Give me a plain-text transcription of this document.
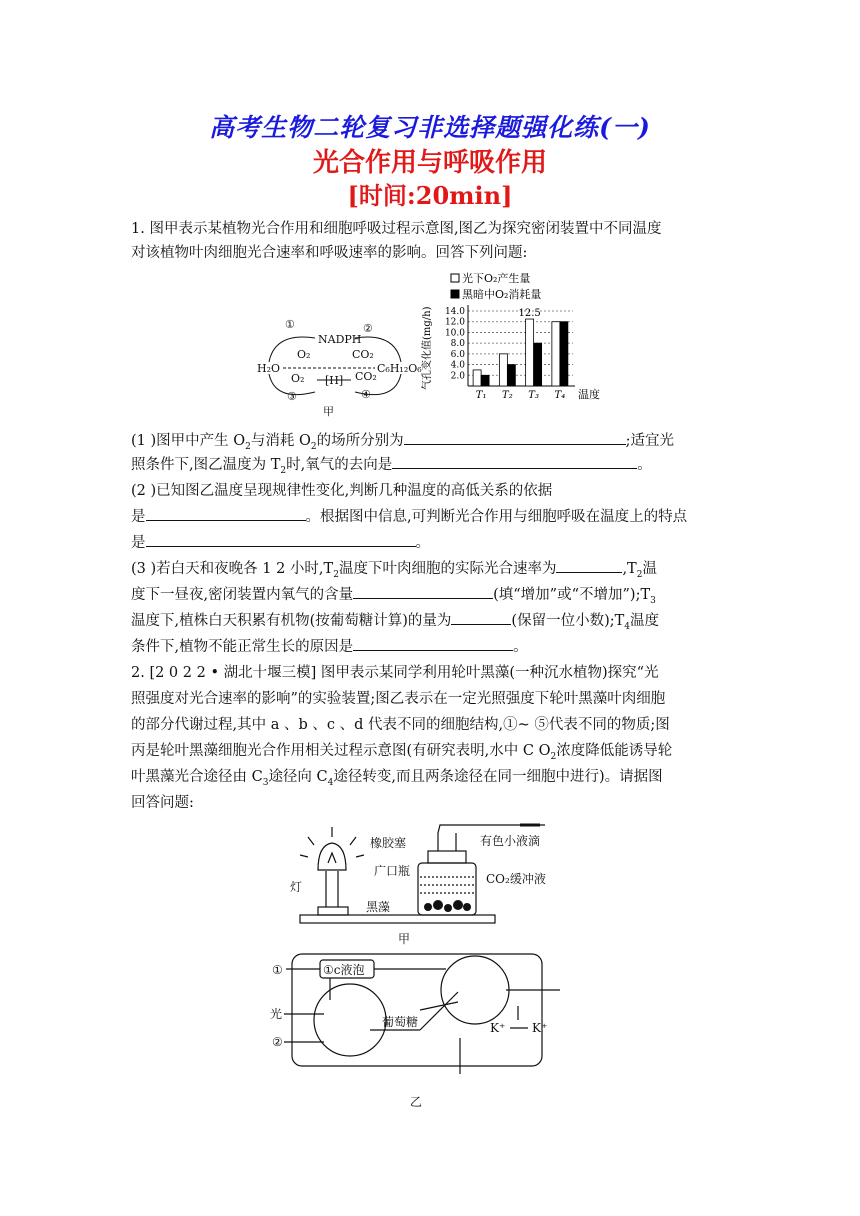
高考生物二轮复习非选择题强化练(一)
光合作用与呼吸作用
[时间:20min]
1. 图甲表示某植物光合作用和细胞呼吸过程示意图,图乙为探究密闭装置中不同温度
对该植物叶肉细胞光合速率和呼吸速率的影响。回答下列问题:
①	②
③	④
NADPH
O₂	CO₂
H₂O
O₂ [H] CO₂
C₆H₁₂O₆
甲
光下O₂产生量
黑暗中O₂消耗量
气孔变化值(mg/h)
温度
2.0
4.0
6.0
8.0
10.0
12.0
14.0
T₁ T₂ T₃ T₄
12.5
(1 )图甲中产生 $O_2$与消耗 $O_2$的场所分别为	;适宜光
照条件下,图乙温度为 $T_2$时,氧气的去向是	。
(2 )已知图乙温度呈现规律性变化,判断几种温度的高低关系的依据
是	。根据图中信息,可判断光合作用与细胞呼吸在温度上的特点
是	。
(3 )若白天和夜晚各 1 2 小时$,T_2$温度下叶肉细胞的实际光合速率为	$,T_2$温
度下一昼夜,密闭装置内氧气的含量	(填“增加”或“不增加$”);T_3$
温度下,植株白天积累有机物(按葡萄糖计算)的量为	(保留一位小数)$;T_4$温度
条件下,植物不能正常生长的原因是	。
2. [2 0 2 2 • 湖北十堰三模] 图甲表示某同学利用轮叶黑藻(一种沉水植物)探究“光
照强度对光合速率的影响”的实验装置;图乙表示在一定光照强度下轮叶黑藻叶肉细胞
的部分代谢过程,其中 a 、b 、c 、d 代表不同的细胞结构,①~ ⑤代表不同的物质;图
丙是轮叶黑藻细胞光合作用相关过程示意图(有研究表明,水中 C $O_2$浓度降低能诱导轮
叶黑藻光合途径由 $C_3$途径向 $C_4$途径转变,而且两条途径在同一细胞中进行)。请据图
回答问题:
灯
橡胶塞	有色小液滴
广口瓶
CO₂缓冲液
黑藻
甲
①	①c液泡
光
②
葡萄糖	K⁺ K⁺
乙
